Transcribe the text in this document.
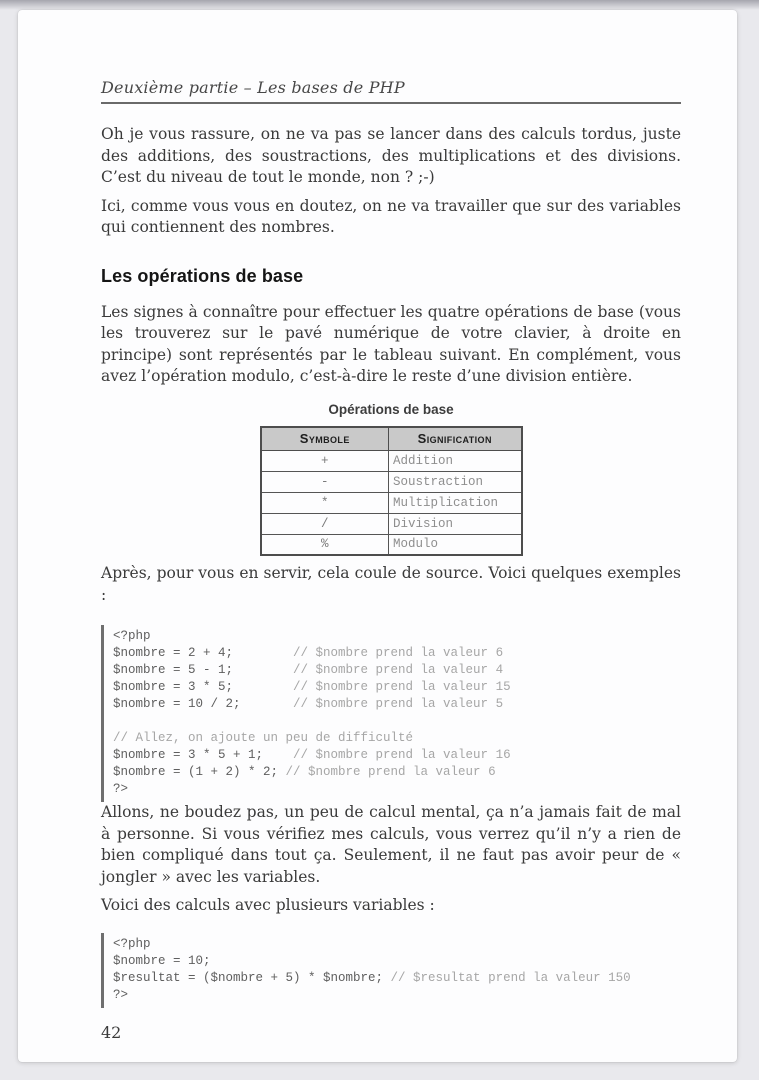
Deuxième partie – Les bases de PHP

Oh je vous rassure, on ne va pas se lancer dans des calculs tordus, juste des additions, des soustractions, des multiplications et des divisions. C’est du niveau de tout le monde, non ? ;-)

Ici, comme vous vous en doutez, on ne va travailler que sur des variables qui contiennent des nombres.

Les opérations de base

Les signes à connaître pour effectuer les quatre opérations de base (vous les trouverez sur le pavé numérique de votre clavier, à droite en principe) sont représentés par le tableau suivant. En complément, vous avez l’opération modulo, c’est-à-dire le reste d’une division entière.

Opérations de base
Symbole	Signification
+	Addition
-	Soustraction
*	Multiplication
/	Division
%	Modulo

Après, pour vous en servir, cela coule de source. Voici quelques exemples :

<?php
$nombre = 2 + 4;        // $nombre prend la valeur 6
$nombre = 5 - 1;        // $nombre prend la valeur 4
$nombre = 3 * 5;        // $nombre prend la valeur 15
$nombre = 10 / 2;       // $nombre prend la valeur 5

// Allez, on ajoute un peu de difficulté
$nombre = 3 * 5 + 1;    // $nombre prend la valeur 16
$nombre = (1 + 2) * 2; // $nombre prend la valeur 6
?>

Allons, ne boudez pas, un peu de calcul mental, ça n’a jamais fait de mal à personne. Si vous vérifiez mes calculs, vous verrez qu’il n’y a rien de bien compliqué dans tout ça. Seulement, il ne faut pas avoir peur de « jongler » avec les variables.

Voici des calculs avec plusieurs variables :

<?php
$nombre = 10;
$resultat = ($nombre + 5) * $nombre; // $resultat prend la valeur 150
?>
42
